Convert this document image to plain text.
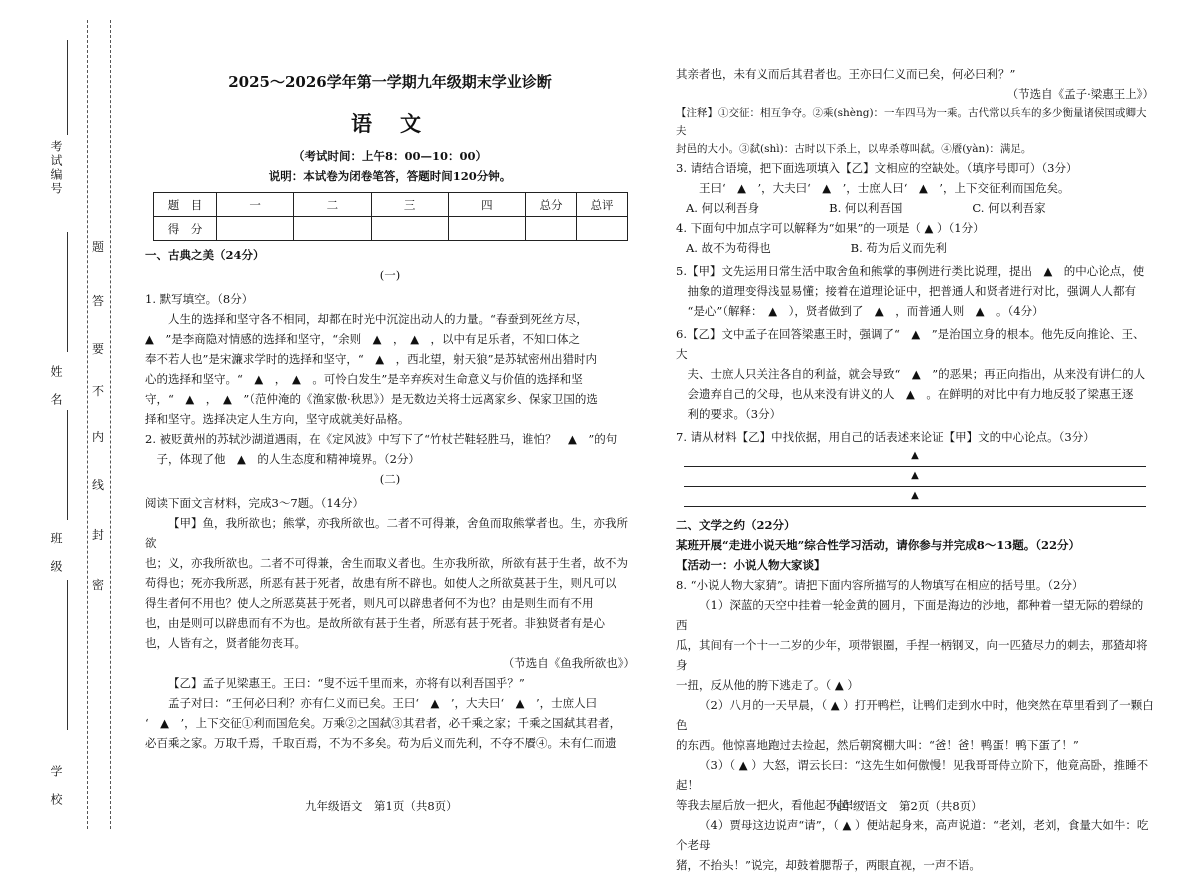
考试编号
姓　名
班　级
学　校
题
答
要
不
内
线
封
密
2025～2026学年第一学期九年级期末学业诊断
语文
（考试时间：上午8：00—10：00）
说明：本试卷为闭卷笔答，答题时间120分钟。
题　目	一	二	三	四	总分	总评
得　分						
一、古典之美（24分）
(一)
1. 默写填空。（8分）
人生的选择和坚守各不相同，却都在时光中沉淀出动人的力量。“春蚕到死丝方尽，
▲　”是李商隐对情感的选择和坚守，“余则　▲　，　▲　，以中有足乐者，不知口体之
奉不若人也”是宋濂求学时的选择和坚守，“　▲　，西北望，射天狼”是苏轼密州出猎时内
心的选择和坚守。“　▲　，　▲　。可怜白发生”是辛弃疾对生命意义与价值的选择和坚
守，“　▲　，　▲　”（范仲淹的《渔家傲·秋思》）是无数边关将士远离家乡、保家卫国的选
择和坚守。选择决定人生方向，坚守成就美好品格。
2. 被贬黄州的苏轼沙湖道遇雨，在《定风波》中写下了“竹杖芒鞋轻胜马，谁怕？　▲　”的句
子，体现了他　▲　的人生态度和精神境界。（2分）
(二)
阅读下面文言材料，完成3～7题。（14分）
【甲】鱼，我所欲也；熊掌，亦我所欲也。二者不可得兼，舍鱼而取熊掌者也。生，亦我所欲
也；义，亦我所欲也。二者不可得兼，舍生而取义者也。生亦我所欲，所欲有甚于生者，故不为
苟得也；死亦我所恶，所恶有甚于死者，故患有所不辟也。如使人之所欲莫甚于生，则凡可以
得生者何不用也？使人之所恶莫甚于死者，则凡可以辟患者何不为也？由是则生而有不用
也，由是则可以辟患而有不为也。是故所欲有甚于生者，所恶有甚于死者。非独贤者有是心
也，人皆有之，贤者能勿丧耳。
（节选自《鱼我所欲也》）
【乙】孟子见梁惠王。王曰：“叟不远千里而来，亦将有以利吾国乎？”
孟子对曰：“王何必曰利？亦有仁义而已矣。王曰‘　▲　’，大夫曰‘　▲　’，士庶人曰
‘　▲　’，上下交征①利而国危矣。万乘②之国弑③其君者，必千乘之家；千乘之国弑其君者，
必百乘之家。万取千焉，千取百焉，不为不多矣。苟为后义而先利，不夺不餍④。未有仁而遗
九年级语文　第1页（共8页）
其亲者也，未有义而后其君者也。王亦曰仁义而已矣，何必曰利？”
（节选自《孟子·梁惠王上》）
【注释】①交征：相互争夺。②乘(shèng)：一车四马为一乘。古代常以兵车的多少衡量诸侯国或卿大夫
封邑的大小。③弑(shì)：古时以下杀上，以卑杀尊叫弑。④餍(yàn)：满足。
3. 请结合语境，把下面选项填入【乙】文相应的空缺处。（填序号即可）（3分）
王曰‘　▲　’，大夫曰‘　▲　’，士庶人曰‘　▲　’，上下交征利而国危矣。
A. 何以利吾身	B. 何以利吾国	C. 何以利吾家
4. 下面句中加点字可以解释为“如果”的一项是（ ▲ ）（1分）
A. 故不为苟得也	B. 苟为后义而先利
5.【甲】文先运用日常生活中取舍鱼和熊掌的事例进行类比说理，提出　▲　的中心论点，使
抽象的道理变得浅显易懂；接着在道理论证中，把普通人和贤者进行对比，强调人人都有
“是心”（解释：　▲　），贤者做到了　▲　，而普通人则　▲　。（4分）
6.【乙】文中孟子在回答梁惠王时，强调了“　▲　”是治国立身的根本。他先反向推论、王、大
夫、士庶人只关注各自的利益，就会导致“　▲　”的恶果；再正向指出，从来没有讲仁的人
会遗弃自己的父母，也从来没有讲义的人　▲　。在鲜明的对比中有力地反驳了梁惠王逐
利的要求。（3分）
7. 请从材料【乙】中找依据，用自己的话表述来论证【甲】文的中心论点。（3分）
▲
▲
▲
二、文学之约（22分）
某班开展“走进小说天地”综合性学习活动，请你参与并完成8～13题。（22分）
【活动一：小说人物大家谈】
8. “小说人物大家猜”。请把下面内容所描写的人物填写在相应的括号里。（2分）
（1）深蓝的天空中挂着一轮金黄的圆月，下面是海边的沙地，都种着一望无际的碧绿的西
瓜，其间有一个十一二岁的少年，项带银圈，手捏一柄钢叉，向一匹猹尽力的刺去，那猹却将身
一扭，反从他的胯下逃走了。（ ▲ ）
（2）八月的一天早晨，（ ▲ ）打开鸭栏，让鸭们走到水中时，他突然在草里看到了一颗白色
的东西。他惊喜地跑过去捡起，然后朝窝棚大叫：“爸！爸！鸭蛋！鸭下蛋了！”
（3）（ ▲ ）大怒，谓云长曰：“这先生如何傲慢！见我哥哥侍立阶下，他竟高卧，推睡不起！
等我去屋后放一把火，看他起不起！”
（4）贾母这边说声“请”，（ ▲ ）便站起身来，高声说道：“老刘，老刘，食量大如牛：吃个老母
猪，不抬头！”说完，却鼓着腮帮子，两眼直视，一声不语。
九年级语文　第2页（共8页）
